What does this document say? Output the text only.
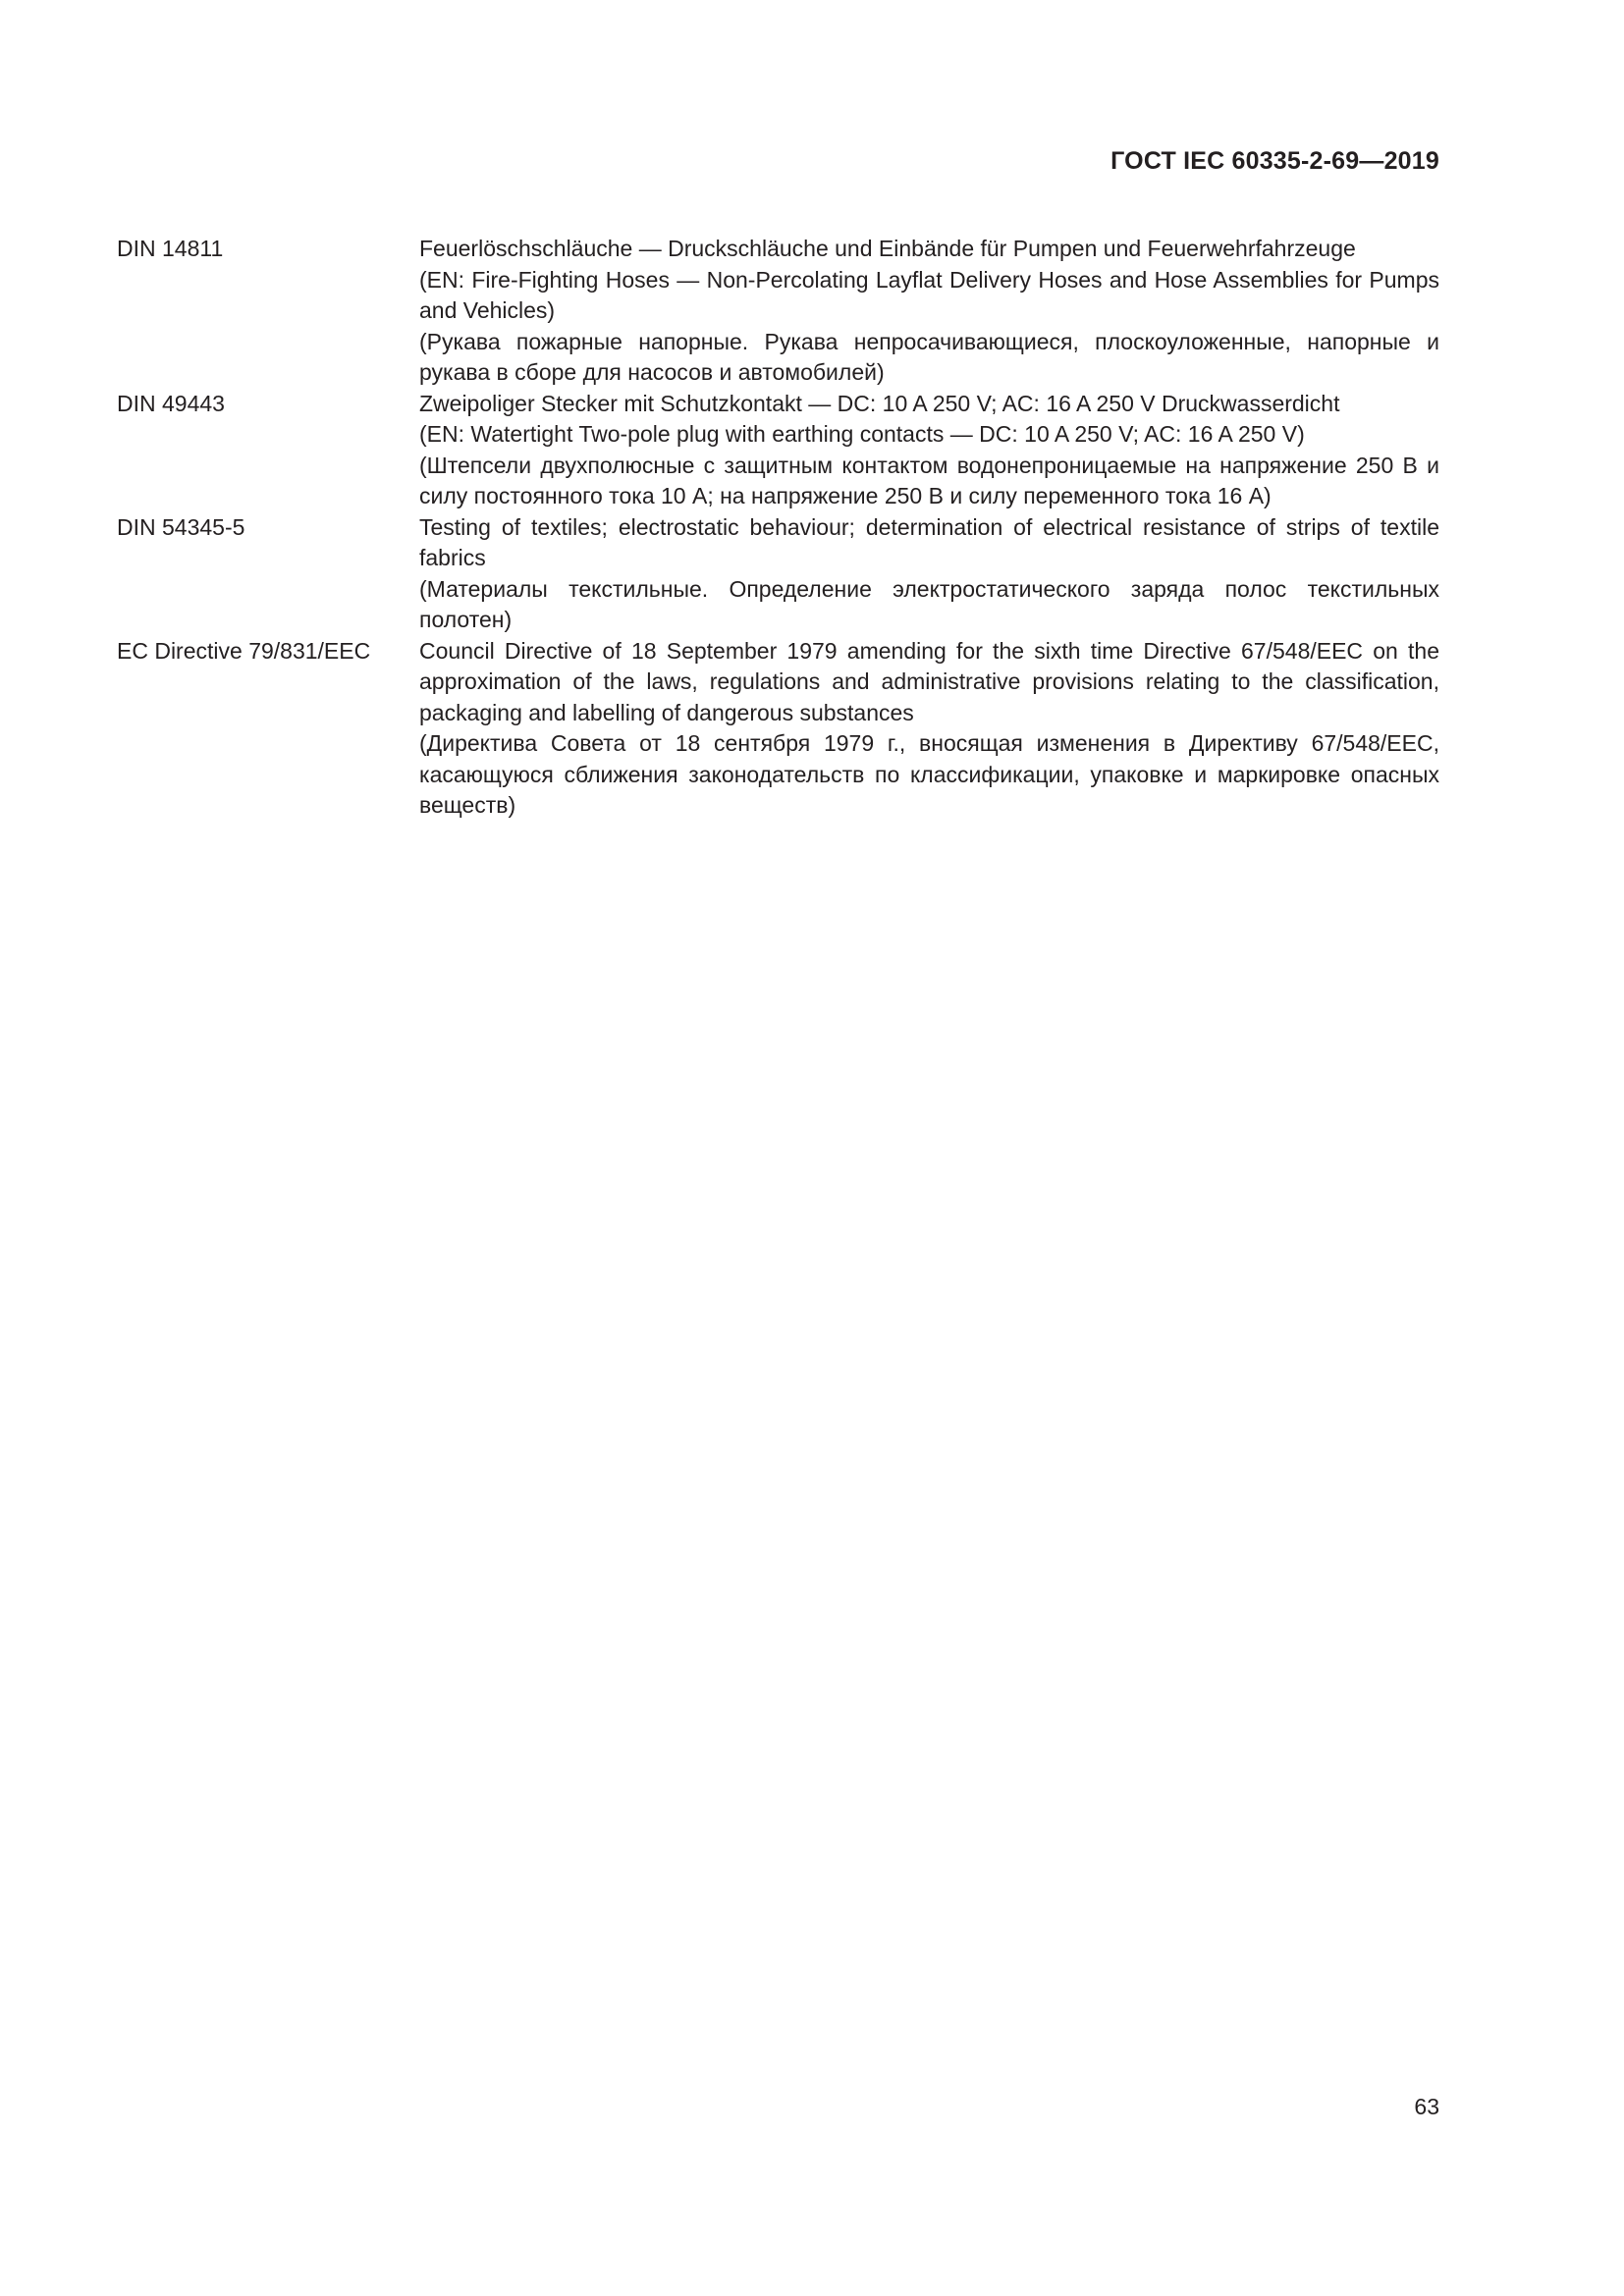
ГОСТ IEC 60335-2-69—2019
DIN 14811	Feuerlöschschläuche — Druckschläuche und Einbände für Pumpen und Feuerwehrfahrzeuge

(EN: Fire-Fighting Hoses — Non-Percolating Layflat Delivery Hoses and Hose Assemblies for Pumps and Vehicles)

(Рукава пожарные напорные. Рукава непросачивающиеся, плоскоуложенные, напорные и рукава в сборе для насосов и автомобилей)

DIN 49443	Zweipoliger Stecker mit Schutzkontakt — DC: 10 A 250 V; AC: 16 A 250 V Druckwasserdicht

(EN: Watertight Two-pole plug with earthing contacts — DC: 10 A 250 V; AC: 16 A 250 V)

(Штепсели двухполюсные с защитным контактом водонепроницаемые на напряжение 250 В и силу постоянного тока 10 А; на напряжение 250 В и силу переменного тока 16 А)

DIN 54345-5	Testing of textiles; electrostatic behaviour; determination of electrical resistance of strips of textile fabrics

(Материалы текстильные. Определение электростатического заряда полос текстильных полотен)

EC Directive 79/831/EEC	Council Directive of 18 September 1979 amending for the sixth time Directive 67/548/EEC on the approximation of the laws, regulations and administrative provisions relating to the classification, packaging and labelling of dangerous substances

(Директива Совета от 18 сентября 1979 г., вносящая изменения в Директиву 67/548/EEC, касающуюся сближения законодательств по классификации, упаковке и маркировке опасных веществ)

63
